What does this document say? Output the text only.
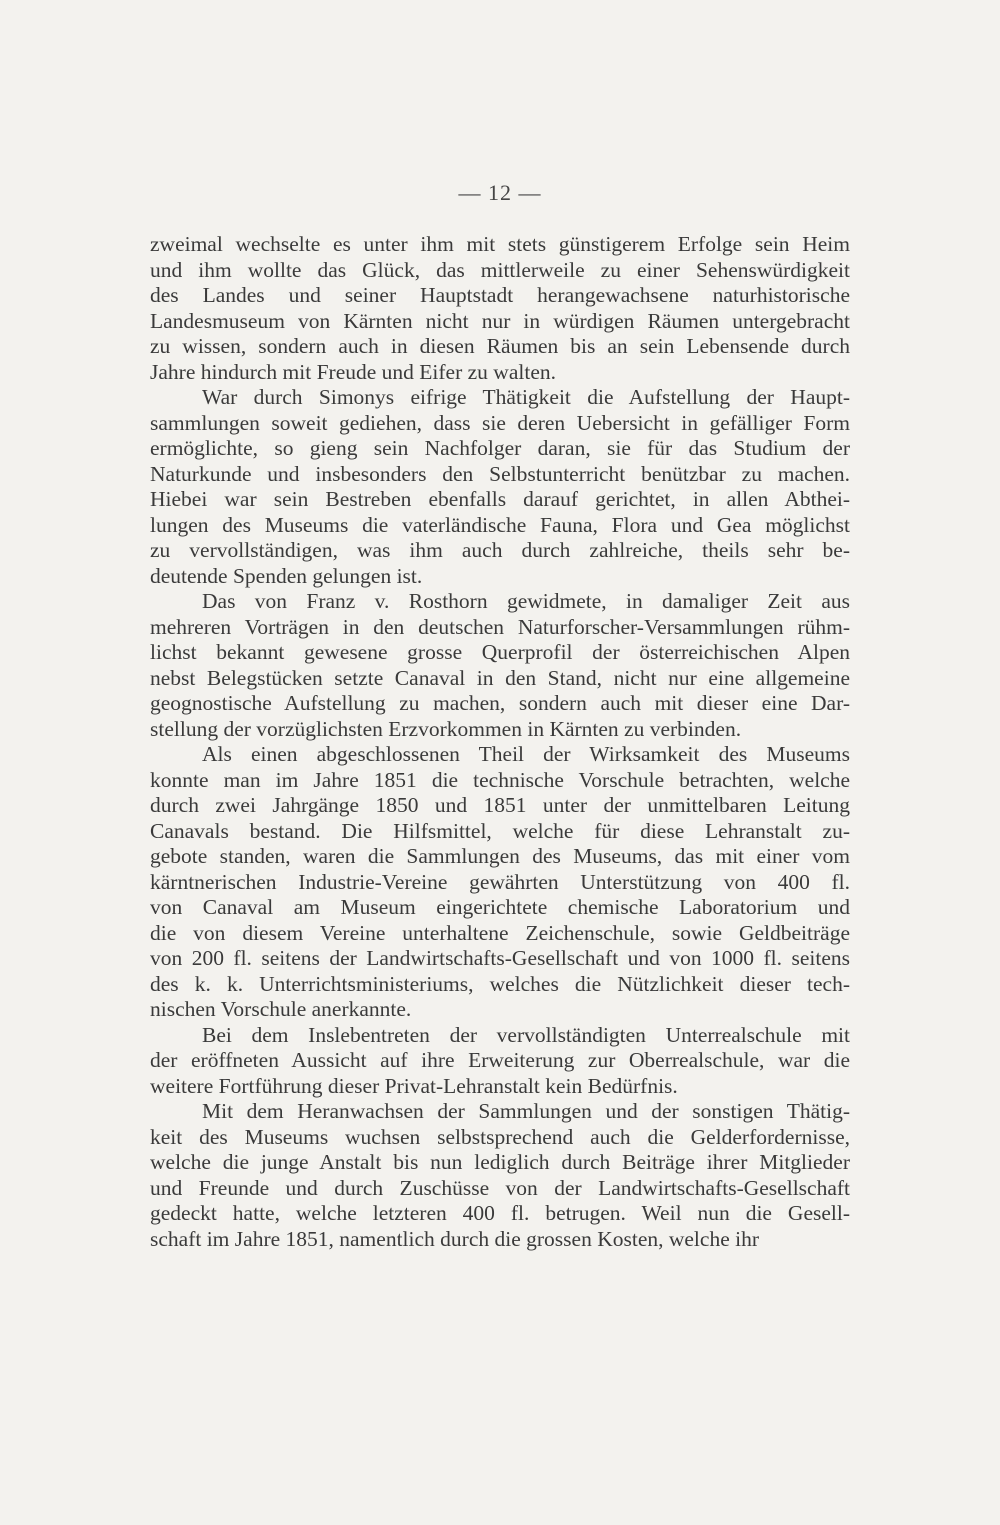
— 12 —
zweimal wechselte es unter ihm mit stets günstigerem Erfolge sein Heim
und ihm wollte das Glück, das mittlerweile zu einer Sehenswürdigkeit
des Landes und seiner Hauptstadt herangewachsene naturhistorische
Landesmuseum von Kärnten nicht nur in würdigen Räumen untergebracht
zu wissen, sondern auch in diesen Räumen bis an sein Lebensende durch
Jahre hindurch mit Freude und Eifer zu walten.
War durch Simonys eifrige Thätigkeit die Aufstellung der Haupt-
sammlungen soweit gediehen, dass sie deren Uebersicht in gefälliger Form
ermöglichte, so gieng sein Nachfolger daran, sie für das Studium der
Naturkunde und insbesonders den Selbstunterricht benützbar zu machen.
Hiebei war sein Bestreben ebenfalls darauf gerichtet, in allen Abthei-
lungen des Museums die vaterländische Fauna, Flora und Gea möglichst
zu vervollständigen, was ihm auch durch zahlreiche, theils sehr be-
deutende Spenden gelungen ist.
Das von Franz v. Rosthorn gewidmete, in damaliger Zeit aus
mehreren Vorträgen in den deutschen Naturforscher-Versammlungen rühm-
lichst bekannt gewesene grosse Querprofil der österreichischen Alpen
nebst Belegstücken setzte Canaval in den Stand, nicht nur eine allgemeine
geognostische Aufstellung zu machen, sondern auch mit dieser eine Dar-
stellung der vorzüglichsten Erzvorkommen in Kärnten zu verbinden.
Als einen abgeschlossenen Theil der Wirksamkeit des Museums
konnte man im Jahre 1851 die technische Vorschule betrachten, welche
durch zwei Jahrgänge 1850 und 1851 unter der unmittelbaren Leitung
Canavals bestand. Die Hilfsmittel, welche für diese Lehranstalt zu-
gebote standen, waren die Sammlungen des Museums, das mit einer vom
kärntnerischen Industrie-Vereine gewährten Unterstützung von 400 fl.
von Canaval am Museum eingerichtete chemische Laboratorium und
die von diesem Vereine unterhaltene Zeichenschule, sowie Geldbeiträge
von 200 fl. seitens der Landwirtschafts-Gesellschaft und von 1000 fl. seitens
des k. k. Unterrichtsministeriums, welches die Nützlichkeit dieser tech-
nischen Vorschule anerkannte.
Bei dem Inslebentreten der vervollständigten Unterrealschule mit
der eröffneten Aussicht auf ihre Erweiterung zur Oberrealschule, war die
weitere Fortführung dieser Privat-Lehranstalt kein Bedürfnis.
Mit dem Heranwachsen der Sammlungen und der sonstigen Thätig-
keit des Museums wuchsen selbstsprechend auch die Gelderfordernisse,
welche die junge Anstalt bis nun lediglich durch Beiträge ihrer Mitglieder
und Freunde und durch Zuschüsse von der Landwirtschafts-Gesellschaft
gedeckt hatte, welche letzteren 400 fl. betrugen. Weil nun die Gesell-
schaft im Jahre 1851, namentlich durch die grossen Kosten, welche ihr
